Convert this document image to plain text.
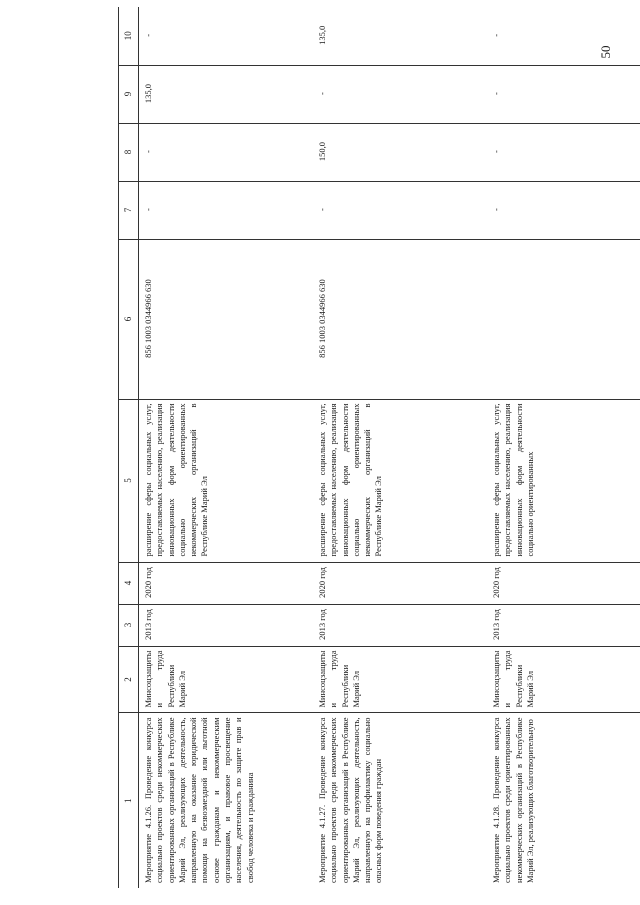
50
1	2	3	4	5	6	7	8	9	10
Мероприятие 4.1.26. Проведение конкурса социально проектов среди некоммерческих ориентированных организаций в Республике Марий Эл, реализующих деятельность, направленную на оказание юридической помощи на безвозмездной или льготной основе гражданам и некоммерческим организациям, и правовое просвещение населения, деятельность по защите прав и свобод человека и гражданина	Минсоцзащиты и труда Республики Марий Эл	2013 год	2020 год	расширение сферы социальных услуг, предоставляемых населению, реализация инновационных форм деятельности социально ориентированных некоммерческих организаций в Республике Марий Эл	856 1003 0344966 630	-	-	135,0	-
Мероприятие 4.1.27. Проведение конкурса социально проектов среди некоммерческих ориентированных организаций в Республике Марий Эл, реализующих деятельность, направленную на профилактику социально опасных форм поведения граждан	Минсоцзащиты и труда Республики Марий Эл	2013 год	2020 год	расширение сферы социальных услуг, предоставляемых населению, реализация инновационных форм деятельности социально ориентированных некоммерческих организаций в Республике Марий Эл	856 1003 0344966 630	-	150,0	-	135,0
Мероприятие 4.1.28. Проведение конкурса социально проектов среди ориентированных некоммерческих организаций в Республике Марий Эл, реализующих благотворительную	Минсоцзащиты и труда Республики Марий Эл	2013 год	2020 год	расширение сферы социальных услуг, предоставляемых населению, реализация инновационных форм деятельности социально ориентированных		-	-	-	-
